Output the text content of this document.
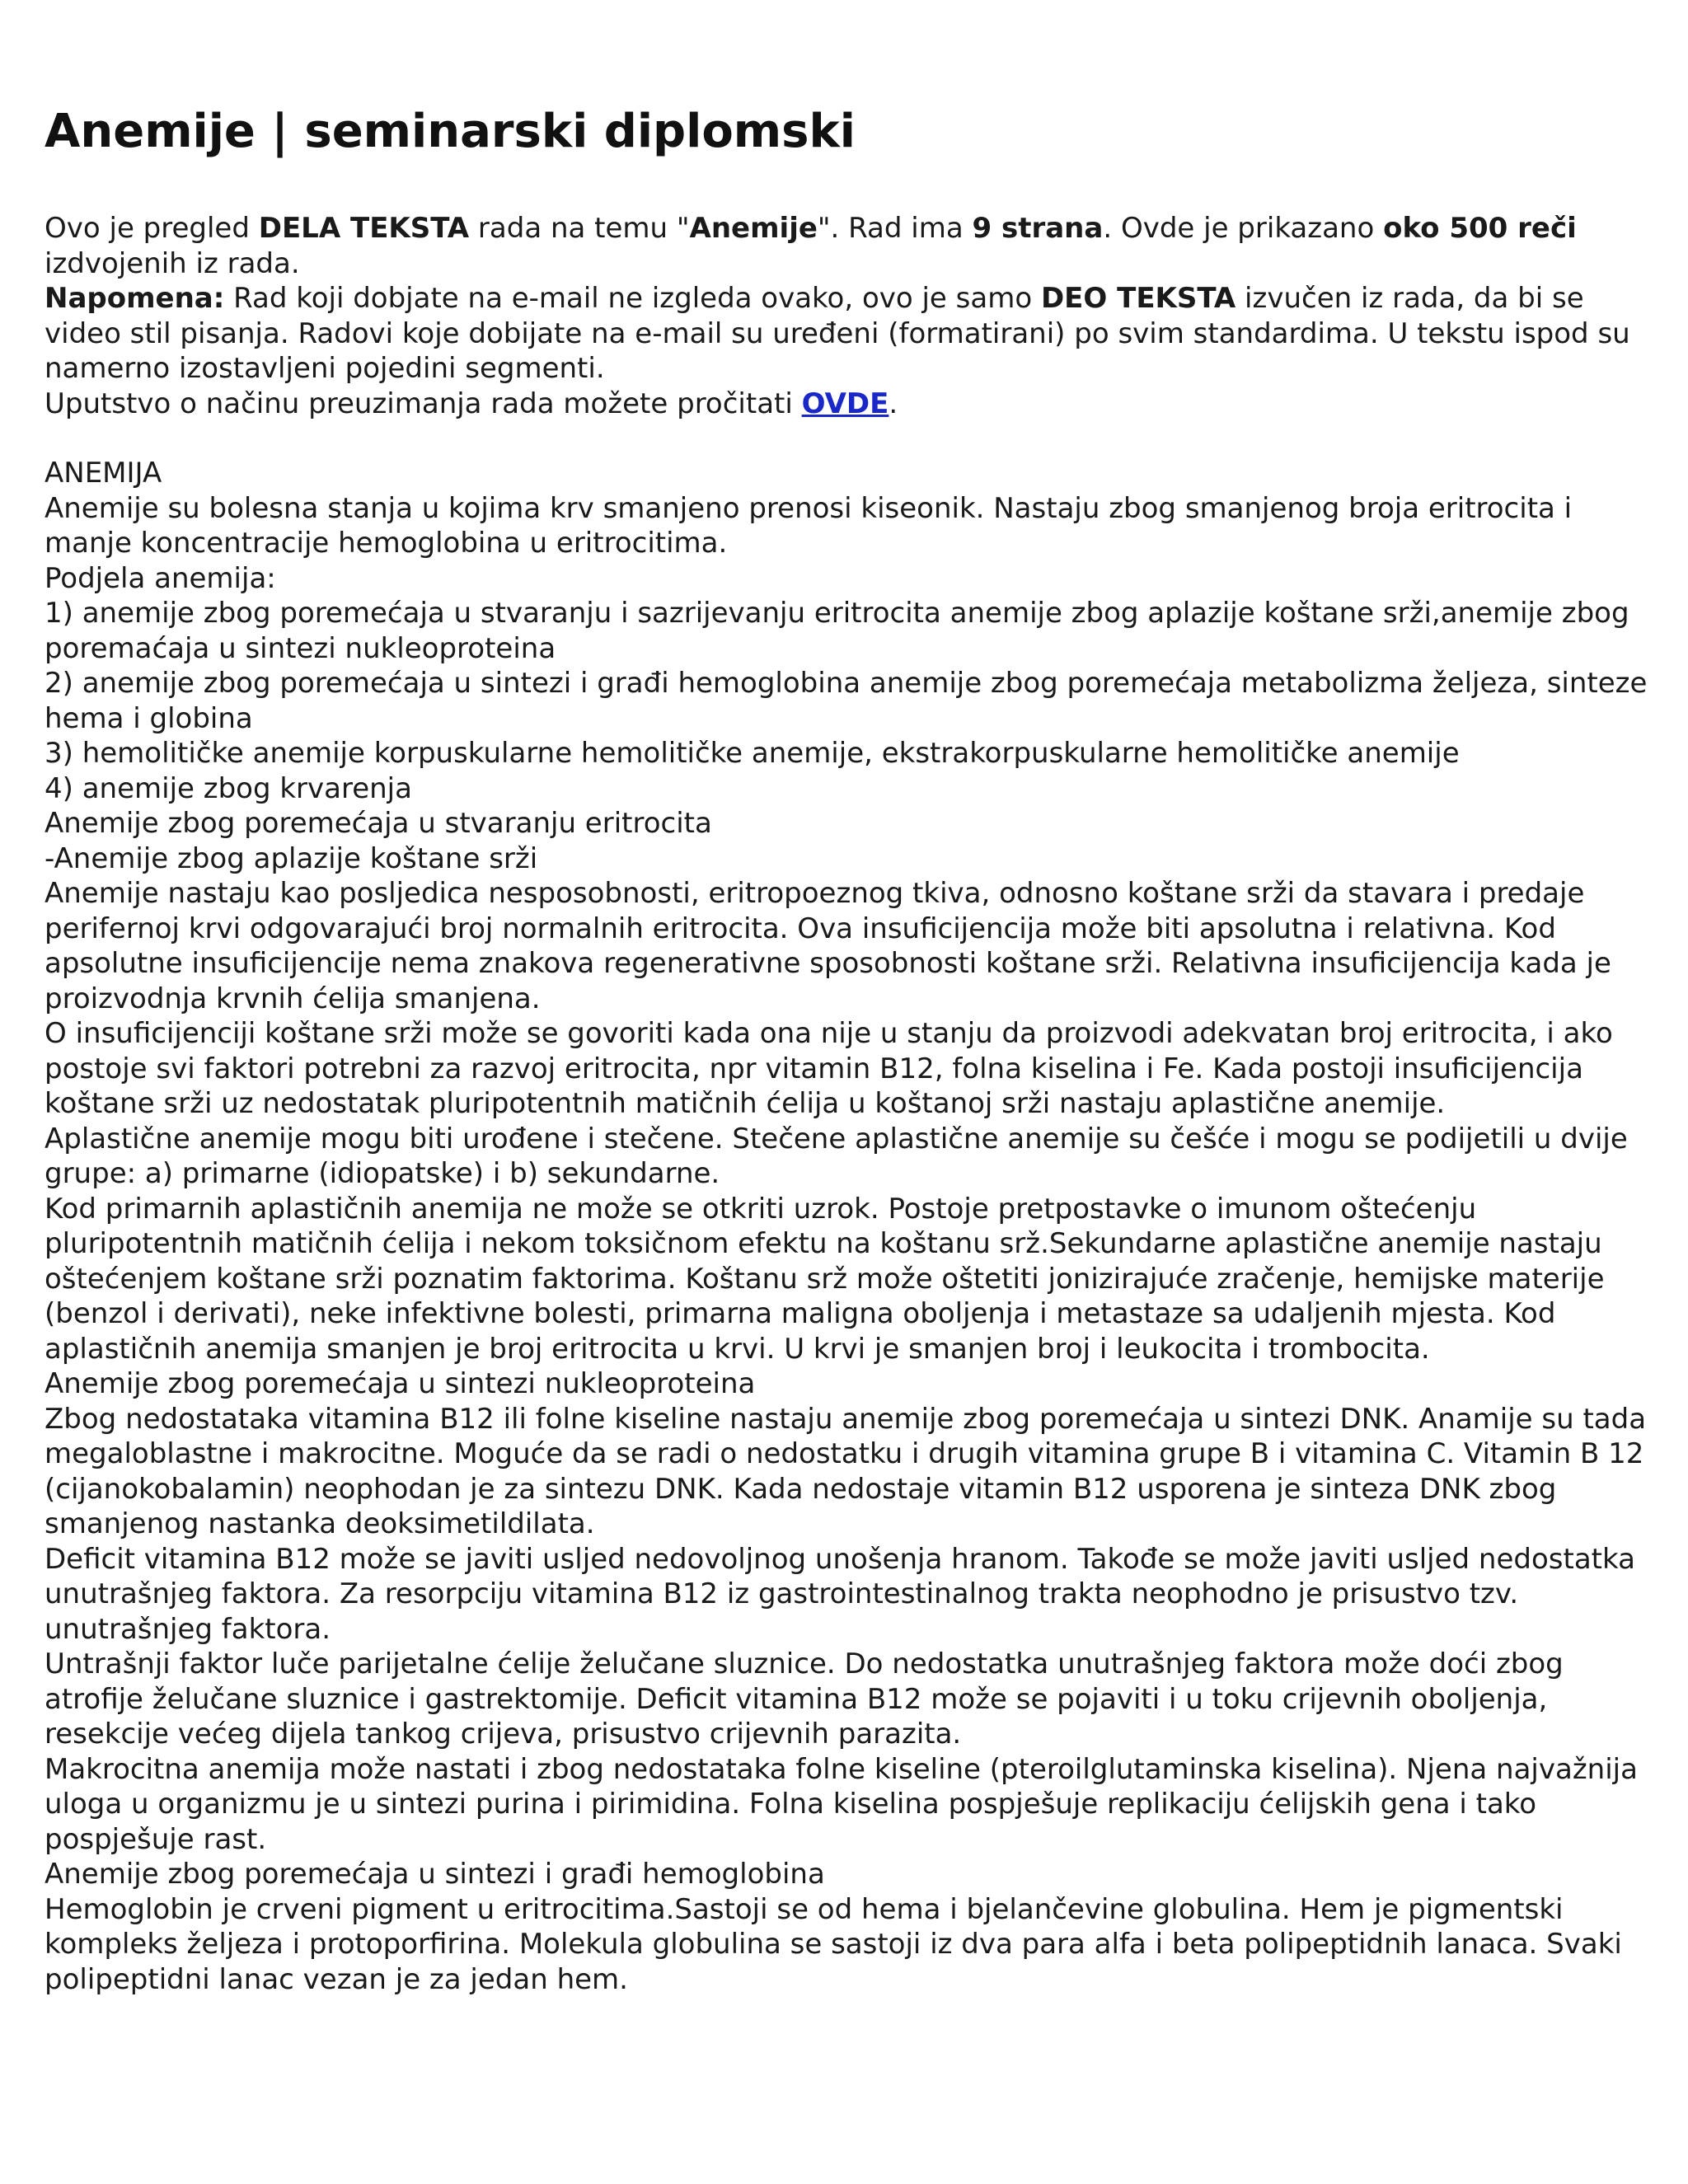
Anemije | seminarski diplomski

Ovo je pregled DELA TEKSTA rada na temu "Anemije". Rad ima 9 strana. Ovde je prikazano oko 500 reči izdvojenih iz rada.

Napomena: Rad koji dobjate na e-mail ne izgleda ovako, ovo je samo DEO TEKSTA izvučen iz rada, da bi se video stil pisanja. Radovi koje dobijate na e-mail su uređeni (formatirani) po svim standardima. U tekstu ispod su namerno izostavljeni pojedini segmenti.

Uputstvo o načinu preuzimanja rada možete pročitati OVDE.

ANEMIJA

Anemije su bolesna stanja u kojima krv smanjeno prenosi kiseonik. Nastaju zbog smanjenog broja eritrocita i manje koncentracije hemoglobina u eritrocitima.

Podjela anemija:

1) anemije zbog poremećaja u stvaranju i sazrijevanju eritrocita anemije zbog aplazije koštane srži,anemije zbog poremaćaja u sintezi nukleoproteina

2) anemije zbog poremećaja u sintezi i građi hemoglobina anemije zbog poremećaja metabolizma željeza, sinteze hema i globina

3) hemolitičke anemije korpuskularne hemolitičke anemije, ekstrakorpuskularne hemolitičke anemije

4) anemije zbog krvarenja

Anemije zbog poremećaja u stvaranju eritrocita

-Anemije zbog aplazije koštane srži

Anemije nastaju kao posljedica nesposobnosti, eritropoeznog tkiva, odnosno koštane srži da stavara i predaje perifernoj krvi odgovarajući broj normalnih eritrocita. Ova insuficijencija može biti apsolutna i relativna. Kod apsolutne insuficijencije nema znakova regenerativne sposobnosti koštane srži. Relativna insuficijencija kada je proizvodnja krvnih ćelija smanjena.

O insuficijenciji koštane srži može se govoriti kada ona nije u stanju da proizvodi adekvatan broj eritrocita, i ako postoje svi faktori potrebni za razvoj eritrocita, npr vitamin B12, folna kiselina i Fe. Kada postoji insuficijencija koštane srži uz nedostatak pluripotentnih matičnih ćelija u koštanoj srži nastaju aplastične anemije.

Aplastične anemije mogu biti urođene i stečene. Stečene aplastične anemije su češće i mogu se podijetili u dvije grupe: a) primarne (idiopatske) i b) sekundarne.

Kod primarnih aplastičnih anemija ne može se otkriti uzrok. Postoje pretpostavke o imunom oštećenju pluripotentnih matičnih ćelija i nekom toksičnom efektu na koštanu srž.Sekundarne aplastične anemije nastaju oštećenjem koštane srži poznatim faktorima. Koštanu srž može oštetiti jonizirajuće zračenje, hemijske materije (benzol i derivati), neke infektivne bolesti, primarna maligna oboljenja i metastaze sa udaljenih mjesta. Kod aplastičnih anemija smanjen je broj eritrocita u krvi. U krvi je smanjen broj i leukocita i trombocita.

Anemije zbog poremećaja u sintezi nukleoproteina

Zbog nedostataka vitamina B12 ili folne kiseline nastaju anemije zbog poremećaja u sintezi DNK. Anamije su tada megaloblastne i makrocitne. Moguće da se radi o nedostatku i drugih vitamina grupe B i vitamina C. Vitamin B 12 (cijanokobalamin) neophodan je za sintezu DNK. Kada nedostaje vitamin B12 usporena je sinteza DNK zbog smanjenog nastanka deoksimetildilata.

Deficit vitamina B12 može se javiti usljed nedovoljnog unošenja hranom. Takođe se može javiti usljed nedostatka unutrašnjeg faktora. Za resorpciju vitamina B12 iz gastrointestinalnog trakta neophodno je prisustvo tzv. unutrašnjeg faktora.

Untrašnji faktor luče parijetalne ćelije želučane sluznice. Do nedostatka unutrašnjeg faktora može doći zbog atrofije želučane sluznice i gastrektomije. Deficit vitamina B12 može se pojaviti i u toku crijevnih oboljenja, resekcije većeg dijela tankog crijeva, prisustvo crijevnih parazita.

Makrocitna anemija može nastati i zbog nedostataka folne kiseline (pteroilglutaminska kiselina). Njena najvažnija uloga u organizmu je u sintezi purina i pirimidina. Folna kiselina pospješuje replikaciju ćelijskih gena i tako pospješuje rast.

Anemije zbog poremećaja u sintezi i građi hemoglobina

Hemoglobin je crveni pigment u eritrocitima.Sastoji se od hema i bjelančevine globulina. Hem je pigmentski kompleks željeza i protoporfirina. Molekula globulina se sastoji iz dva para alfa i beta polipeptidnih lanaca. Svaki polipeptidni lanac vezan je za jedan hem.
